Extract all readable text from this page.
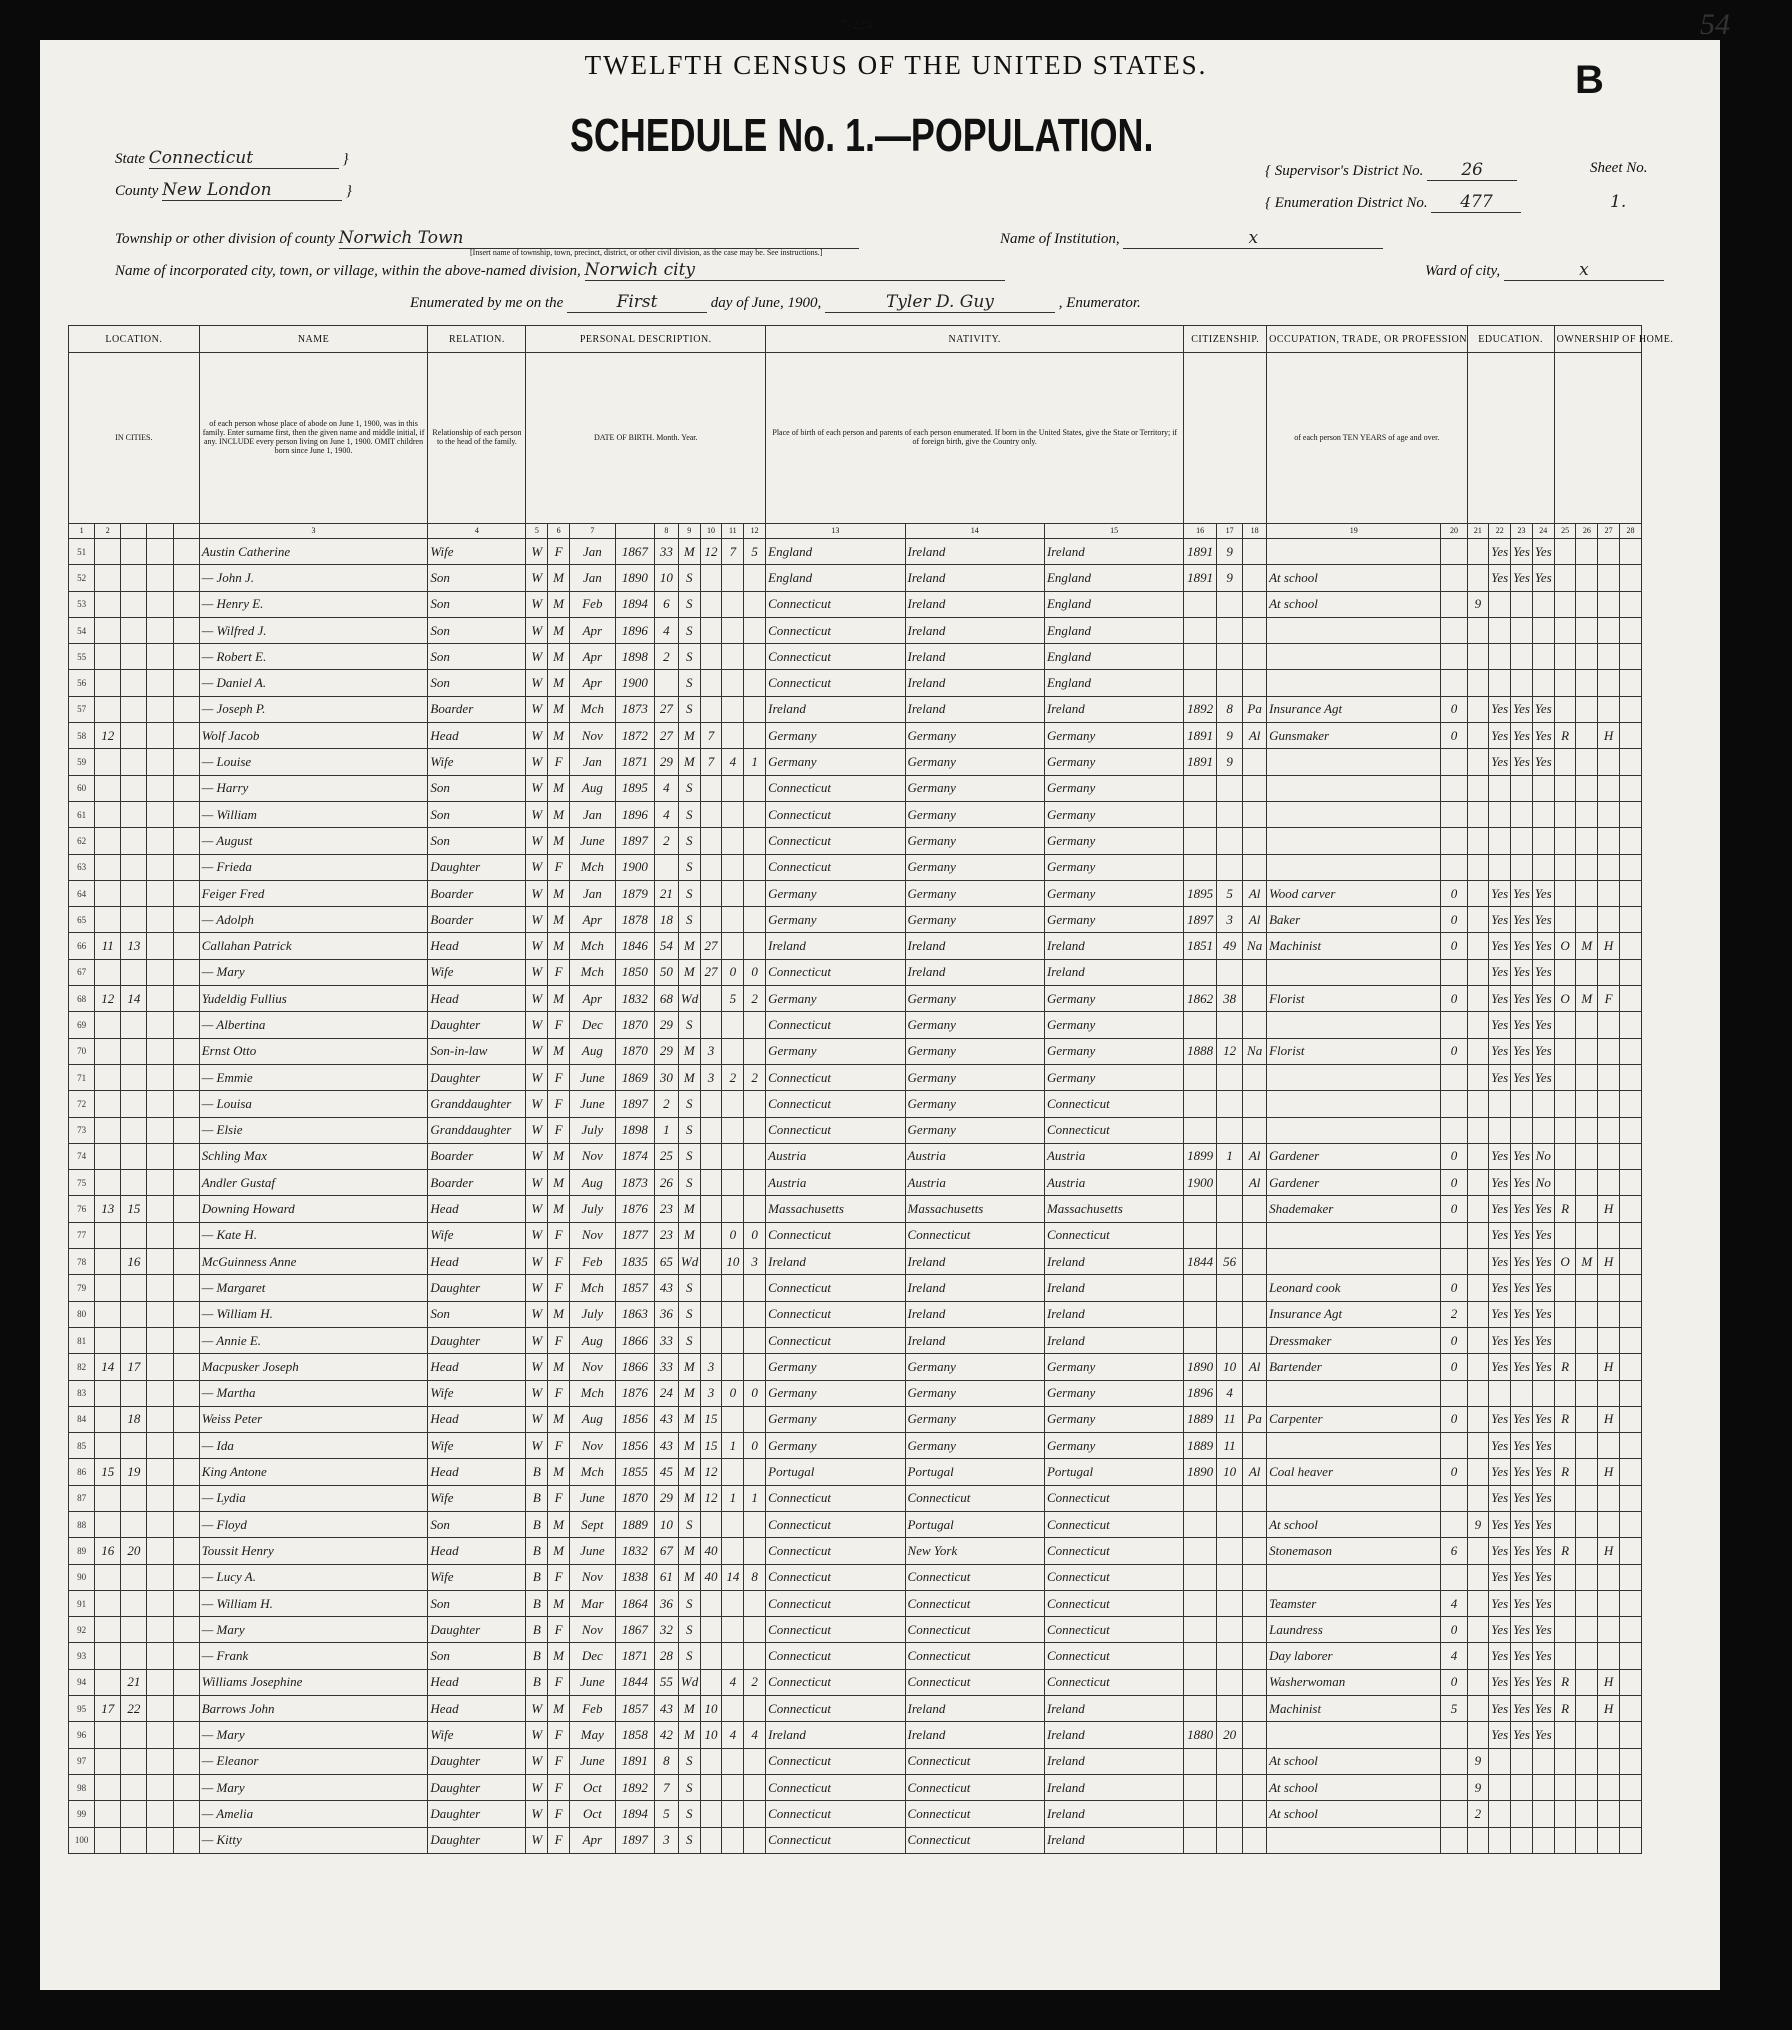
54
7-224.
TWELFTH CENSUS OF THE UNITED STATES.	B
SCHEDULE No. 1.—POPULATION.
State Connecticut	}
County New London	}
{ Supervisor's District No. 26
{ Enumeration District No. 477
Sheet No.
1.
Township or other division of county Norwich Town
[Insert name of township, town, precinct, district, or other civil division, as the case may be. See instructions.]
Name of Institution,	x
Name of incorporated city, town, or village, within the above-named division, Norwich city	Ward of city,	x
Enumerated by me on the	First	day of June, 1900,	Tyler D. Guy	, Enumerator.
LOCATION.					NAME	RELATION.	PERSONAL DESCRIPTION.									NATIVITY.			CITIZENSHIP.			OCCUPATION, TRADE, OR PROFESSION		EDUCATION.				OWNERSHIP OF HOME.			
IN CITIES.					of each person whose place of abode on June 1, 1900, was in this family. Enter surname first, then the given name and middle initial, if any. INCLUDE every person living on June 1, 1900. OMIT children born since June 1, 1900.	Relationship of each person to the head of the family.	DATE OF BIRTH. Month. Year.									Place of birth of each person and parents of each person enumerated. If born in the United States, give the State or Territory; if of foreign birth, give the Country only.						of each person TEN YEARS of age and over.									
1	2				3	4	5	6	7		8	9	10	11	12	13	14	15	16	17	18	19	20	21	22	23	24	25	26	27	28
51					Austin Catherine	Wife	W	F	Jan	1867	33	M	12	7	5	England	Ireland	Ireland	1891	9					Yes	Yes	Yes				
52					— John J.	Son	W	M	Jan	1890	10	S				England	Ireland	England	1891	9		At school			Yes	Yes	Yes				
53					— Henry E.	Son	W	M	Feb	1894	6	S				Connecticut	Ireland	England				At school		9							
54					— Wilfred J.	Son	W	M	Apr	1896	4	S				Connecticut	Ireland	England													
55					— Robert E.	Son	W	M	Apr	1898	2	S				Connecticut	Ireland	England													
56					— Daniel A.	Son	W	M	Apr	1900		S				Connecticut	Ireland	England													
57					— Joseph P.	Boarder	W	M	Mch	1873	27	S				Ireland	Ireland	Ireland	1892	8	Pa	Insurance Agt	0		Yes	Yes	Yes				
58	12				Wolf Jacob	Head	W	M	Nov	1872	27	M	7			Germany	Germany	Germany	1891	9	Al	Gunsmaker	0		Yes	Yes	Yes	R		H	
59					— Louise	Wife	W	F	Jan	1871	29	M	7	4	1	Germany	Germany	Germany	1891	9					Yes	Yes	Yes				
60					— Harry	Son	W	M	Aug	1895	4	S				Connecticut	Germany	Germany													
61					— William	Son	W	M	Jan	1896	4	S				Connecticut	Germany	Germany													
62					— August	Son	W	M	June	1897	2	S				Connecticut	Germany	Germany													
63					— Frieda	Daughter	W	F	Mch	1900		S				Connecticut	Germany	Germany													
64					Feiger Fred	Boarder	W	M	Jan	1879	21	S				Germany	Germany	Germany	1895	5	Al	Wood carver	0		Yes	Yes	Yes				
65					— Adolph	Boarder	W	M	Apr	1878	18	S				Germany	Germany	Germany	1897	3	Al	Baker	0		Yes	Yes	Yes				
66	11	13			Callahan Patrick	Head	W	M	Mch	1846	54	M	27			Ireland	Ireland	Ireland	1851	49	Na	Machinist	0		Yes	Yes	Yes	O	M	H	
67					— Mary	Wife	W	F	Mch	1850	50	M	27	0	0	Connecticut	Ireland	Ireland							Yes	Yes	Yes				
68	12	14			Yudeldig Fullius	Head	W	M	Apr	1832	68	Wd		5	2	Germany	Germany	Germany	1862	38		Florist	0		Yes	Yes	Yes	O	M	F	
69					— Albertina	Daughter	W	F	Dec	1870	29	S				Connecticut	Germany	Germany							Yes	Yes	Yes				
70					Ernst Otto	Son-in-law	W	M	Aug	1870	29	M	3			Germany	Germany	Germany	1888	12	Na	Florist	0		Yes	Yes	Yes				
71					— Emmie	Daughter	W	F	June	1869	30	M	3	2	2	Connecticut	Germany	Germany							Yes	Yes	Yes				
72					— Louisa	Granddaughter	W	F	June	1897	2	S				Connecticut	Germany	Connecticut													
73					— Elsie	Granddaughter	W	F	July	1898	1	S				Connecticut	Germany	Connecticut													
74					Schling Max	Boarder	W	M	Nov	1874	25	S				Austria	Austria	Austria	1899	1	Al	Gardener	0		Yes	Yes	No				
75					Andler Gustaf	Boarder	W	M	Aug	1873	26	S				Austria	Austria	Austria	1900		Al	Gardener	0		Yes	Yes	No				
76	13	15			Downing Howard	Head	W	M	July	1876	23	M				Massachusetts	Massachusetts	Massachusetts				Shademaker	0		Yes	Yes	Yes	R		H	
77					— Kate H.	Wife	W	F	Nov	1877	23	M		0	0	Connecticut	Connecticut	Connecticut							Yes	Yes	Yes				
78		16			McGuinness Anne	Head	W	F	Feb	1835	65	Wd		10	3	Ireland	Ireland	Ireland	1844	56					Yes	Yes	Yes	O	M	H	
79					— Margaret	Daughter	W	F	Mch	1857	43	S				Connecticut	Ireland	Ireland				Leonard cook	0		Yes	Yes	Yes				
80					— William H.	Son	W	M	July	1863	36	S				Connecticut	Ireland	Ireland				Insurance Agt	2		Yes	Yes	Yes				
81					— Annie E.	Daughter	W	F	Aug	1866	33	S				Connecticut	Ireland	Ireland				Dressmaker	0		Yes	Yes	Yes				
82	14	17			Macpusker Joseph	Head	W	M	Nov	1866	33	M	3			Germany	Germany	Germany	1890	10	Al	Bartender	0		Yes	Yes	Yes	R		H	
83					— Martha	Wife	W	F	Mch	1876	24	M	3	0	0	Germany	Germany	Germany	1896	4											
84		18			Weiss Peter	Head	W	M	Aug	1856	43	M	15			Germany	Germany	Germany	1889	11	Pa	Carpenter	0		Yes	Yes	Yes	R		H	
85					— Ida	Wife	W	F	Nov	1856	43	M	15	1	0	Germany	Germany	Germany	1889	11					Yes	Yes	Yes				
86	15	19			King Antone	Head	B	M	Mch	1855	45	M	12			Portugal	Portugal	Portugal	1890	10	Al	Coal heaver	0		Yes	Yes	Yes	R		H	
87					— Lydia	Wife	B	F	June	1870	29	M	12	1	1	Connecticut	Connecticut	Connecticut							Yes	Yes	Yes				
88					— Floyd	Son	B	M	Sept	1889	10	S				Connecticut	Portugal	Connecticut				At school		9	Yes	Yes	Yes				
89	16	20			Toussit Henry	Head	B	M	June	1832	67	M	40			Connecticut	New York	Connecticut				Stonemason	6		Yes	Yes	Yes	R		H	
90					— Lucy A.	Wife	B	F	Nov	1838	61	M	40	14	8	Connecticut	Connecticut	Connecticut							Yes	Yes	Yes				
91					— William H.	Son	B	M	Mar	1864	36	S				Connecticut	Connecticut	Connecticut				Teamster	4		Yes	Yes	Yes				
92					— Mary	Daughter	B	F	Nov	1867	32	S				Connecticut	Connecticut	Connecticut				Laundress	0		Yes	Yes	Yes				
93					— Frank	Son	B	M	Dec	1871	28	S				Connecticut	Connecticut	Connecticut				Day laborer	4		Yes	Yes	Yes				
94		21			Williams Josephine	Head	B	F	June	1844	55	Wd		4	2	Connecticut	Connecticut	Connecticut				Washerwoman	0		Yes	Yes	Yes	R		H	
95	17	22			Barrows John	Head	W	M	Feb	1857	43	M	10			Connecticut	Ireland	Ireland				Machinist	5		Yes	Yes	Yes	R		H	
96					— Mary	Wife	W	F	May	1858	42	M	10	4	4	Ireland	Ireland	Ireland	1880	20					Yes	Yes	Yes				
97					— Eleanor	Daughter	W	F	June	1891	8	S				Connecticut	Connecticut	Ireland				At school		9							
98					— Mary	Daughter	W	F	Oct	1892	7	S				Connecticut	Connecticut	Ireland				At school		9							
99					— Amelia	Daughter	W	F	Oct	1894	5	S				Connecticut	Connecticut	Ireland				At school		2							
100					— Kitty	Daughter	W	F	Apr	1897	3	S				Connecticut	Connecticut	Ireland													
